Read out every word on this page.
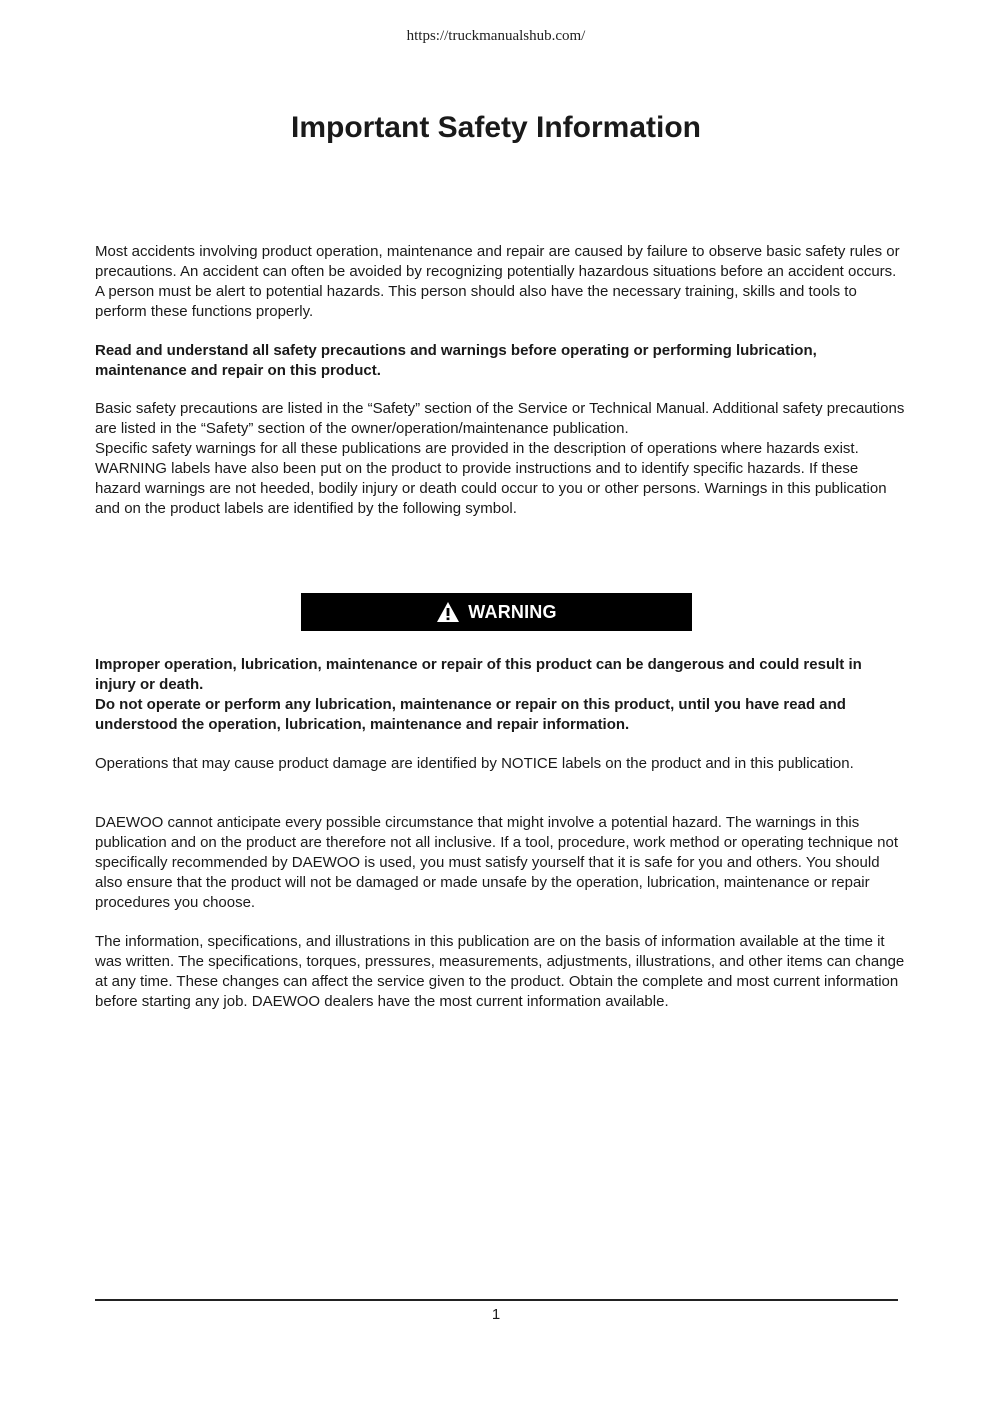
https://truckmanualshub.com/
Important Safety Information

Most accidents involving product operation, maintenance and repair are caused by failure to observe basic safety rules or precautions. An accident can often be avoided by recognizing potentially hazardous situations before an accident occurs. A person must be alert to potential hazards. This person should also have the necessary training, skills and tools to perform these functions properly.

Read and understand all safety precautions and warnings before operating or performing lubrication, maintenance and repair on this product.

Basic safety precautions are listed in the “Safety” section of the Service or Technical Manual. Additional safety precautions are listed in the “Safety” section of the owner/operation/maintenance publication.

Specific safety warnings for all these publications are provided in the description of operations where hazards exist. WARNING labels have also been put on the product to provide instructions and to identify specific hazards. If these hazard warnings are not heeded, bodily injury or death could occur to you or other persons. Warnings in this publication and on the product labels are identified by the following symbol.

WARNING

Improper operation, lubrication, maintenance or repair of this product can be dangerous and could result in injury or death.

Do not operate or perform any lubrication, maintenance or repair on this product, until you have read and understood the operation, lubrication, maintenance and repair information.

Operations that may cause product damage are identified by NOTICE labels on the product and in this publication.

DAEWOO cannot anticipate every possible circumstance that might involve a potential hazard. The warnings in this publication and on the product are therefore not all inclusive. If a tool, procedure, work method or operating technique not specifically recommended by DAEWOO is used, you must satisfy yourself that it is safe for you and others. You should also ensure that the product will not be damaged or made unsafe by the operation, lubrication, maintenance or repair procedures you choose.

The information, specifications, and illustrations in this publication are on the basis of information available at the time it was written. The specifications, torques, pressures, measurements, adjustments, illustrations, and other items can change at any time. These changes can affect the service given to the product. Obtain the complete and most current information before starting any job. DAEWOO dealers have the most current information available.

1
